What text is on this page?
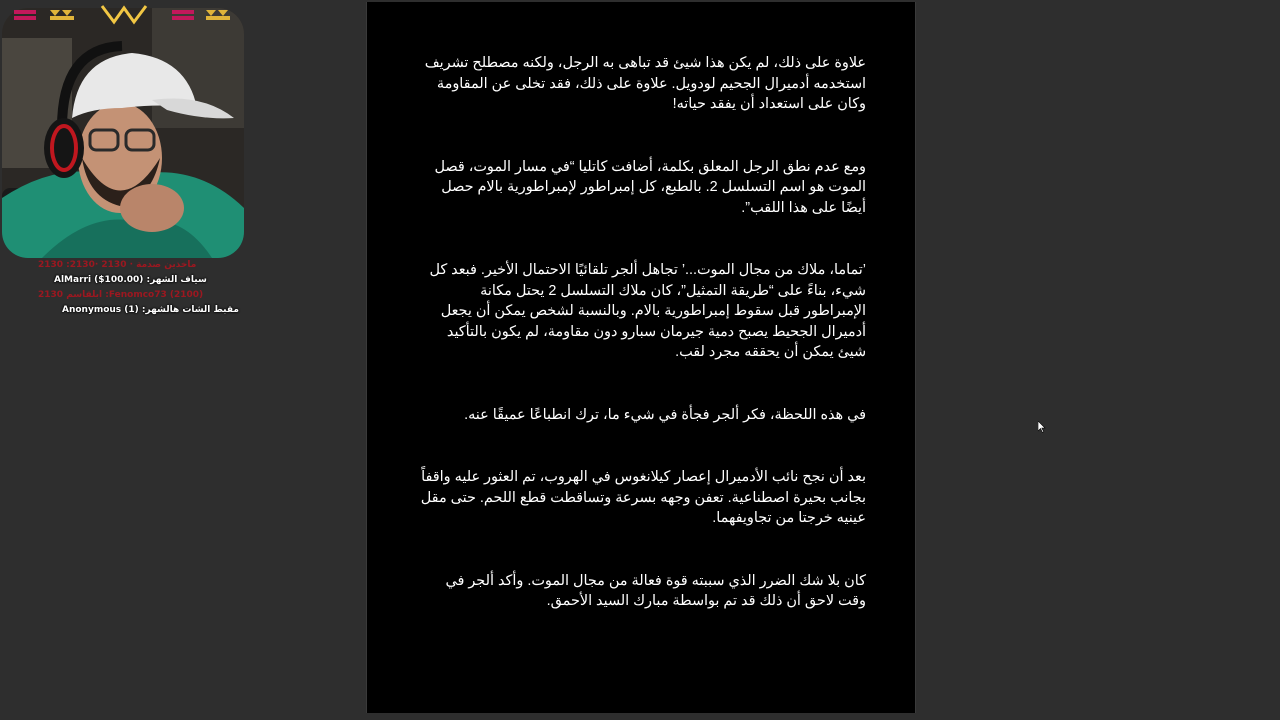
2130 :ماخذين صدمة · 2130 ·2130
AlMarri ($100.00) :سياف الشهر
ابلقاسم 2130 :Fenomco73 (2100)
Anonymous (1) :مقبط الشات هالشهر

علاوة على ذلك، لم يكن هذا شيئ قد تباهى به الرجل، ولكنه مصطلح تشريف استخدمه أدميرال الجحيم لودويل. علاوة على ذلك، فقد تخلى عن المقاومة وكان على استعداد أن يفقد حياته!

ومع عدم نطق الرجل المعلق بكلمة، أضافت كاتليا “في مسار الموت، قصل الموت هو اسم التسلسل 2. بالطبع، كل إمبراطور لإمبراطورية بالام حصل أيضًا على هذا اللقب”.

’تماما، ملاك من مجال الموت...’ تجاهل ألجر تلقائيًا الاحتمال الأخير. فبعد كل شيء، بناءً على “طريقة التمثيل”، كان ملاك التسلسل 2 يحتل مكانة الإمبراطور قبل سقوط إمبراطورية بالام. وبالنسبة لشخص يمكن أن يجعل أدميرال الجحيط يصبح دمية جيرمان سبارو دون مقاومة، لم يكون بالتأكيد شيئ يمكن أن يحققه مجرد لقب.

في هذه اللحظة، فكر ألجر فجأة في شيء ما، ترك انطباعًا عميقًا عنه.

بعد أن نجح نائب الأدميرال إعصار كيلانغوس في الهروب، تم العثور عليه واقفاً بجانب بحيرة اصطناعية. تعفن وجهه بسرعة وتساقطت قطع اللحم. حتى مقل عينيه خرجتا من تجاويفهما.

كان بلا شك الضرر الذي سببته قوة فعالة من مجال الموت. وأكد ألجر في وقت لاحق أن ذلك قد تم بواسطة مبارك السيد الأحمق.
